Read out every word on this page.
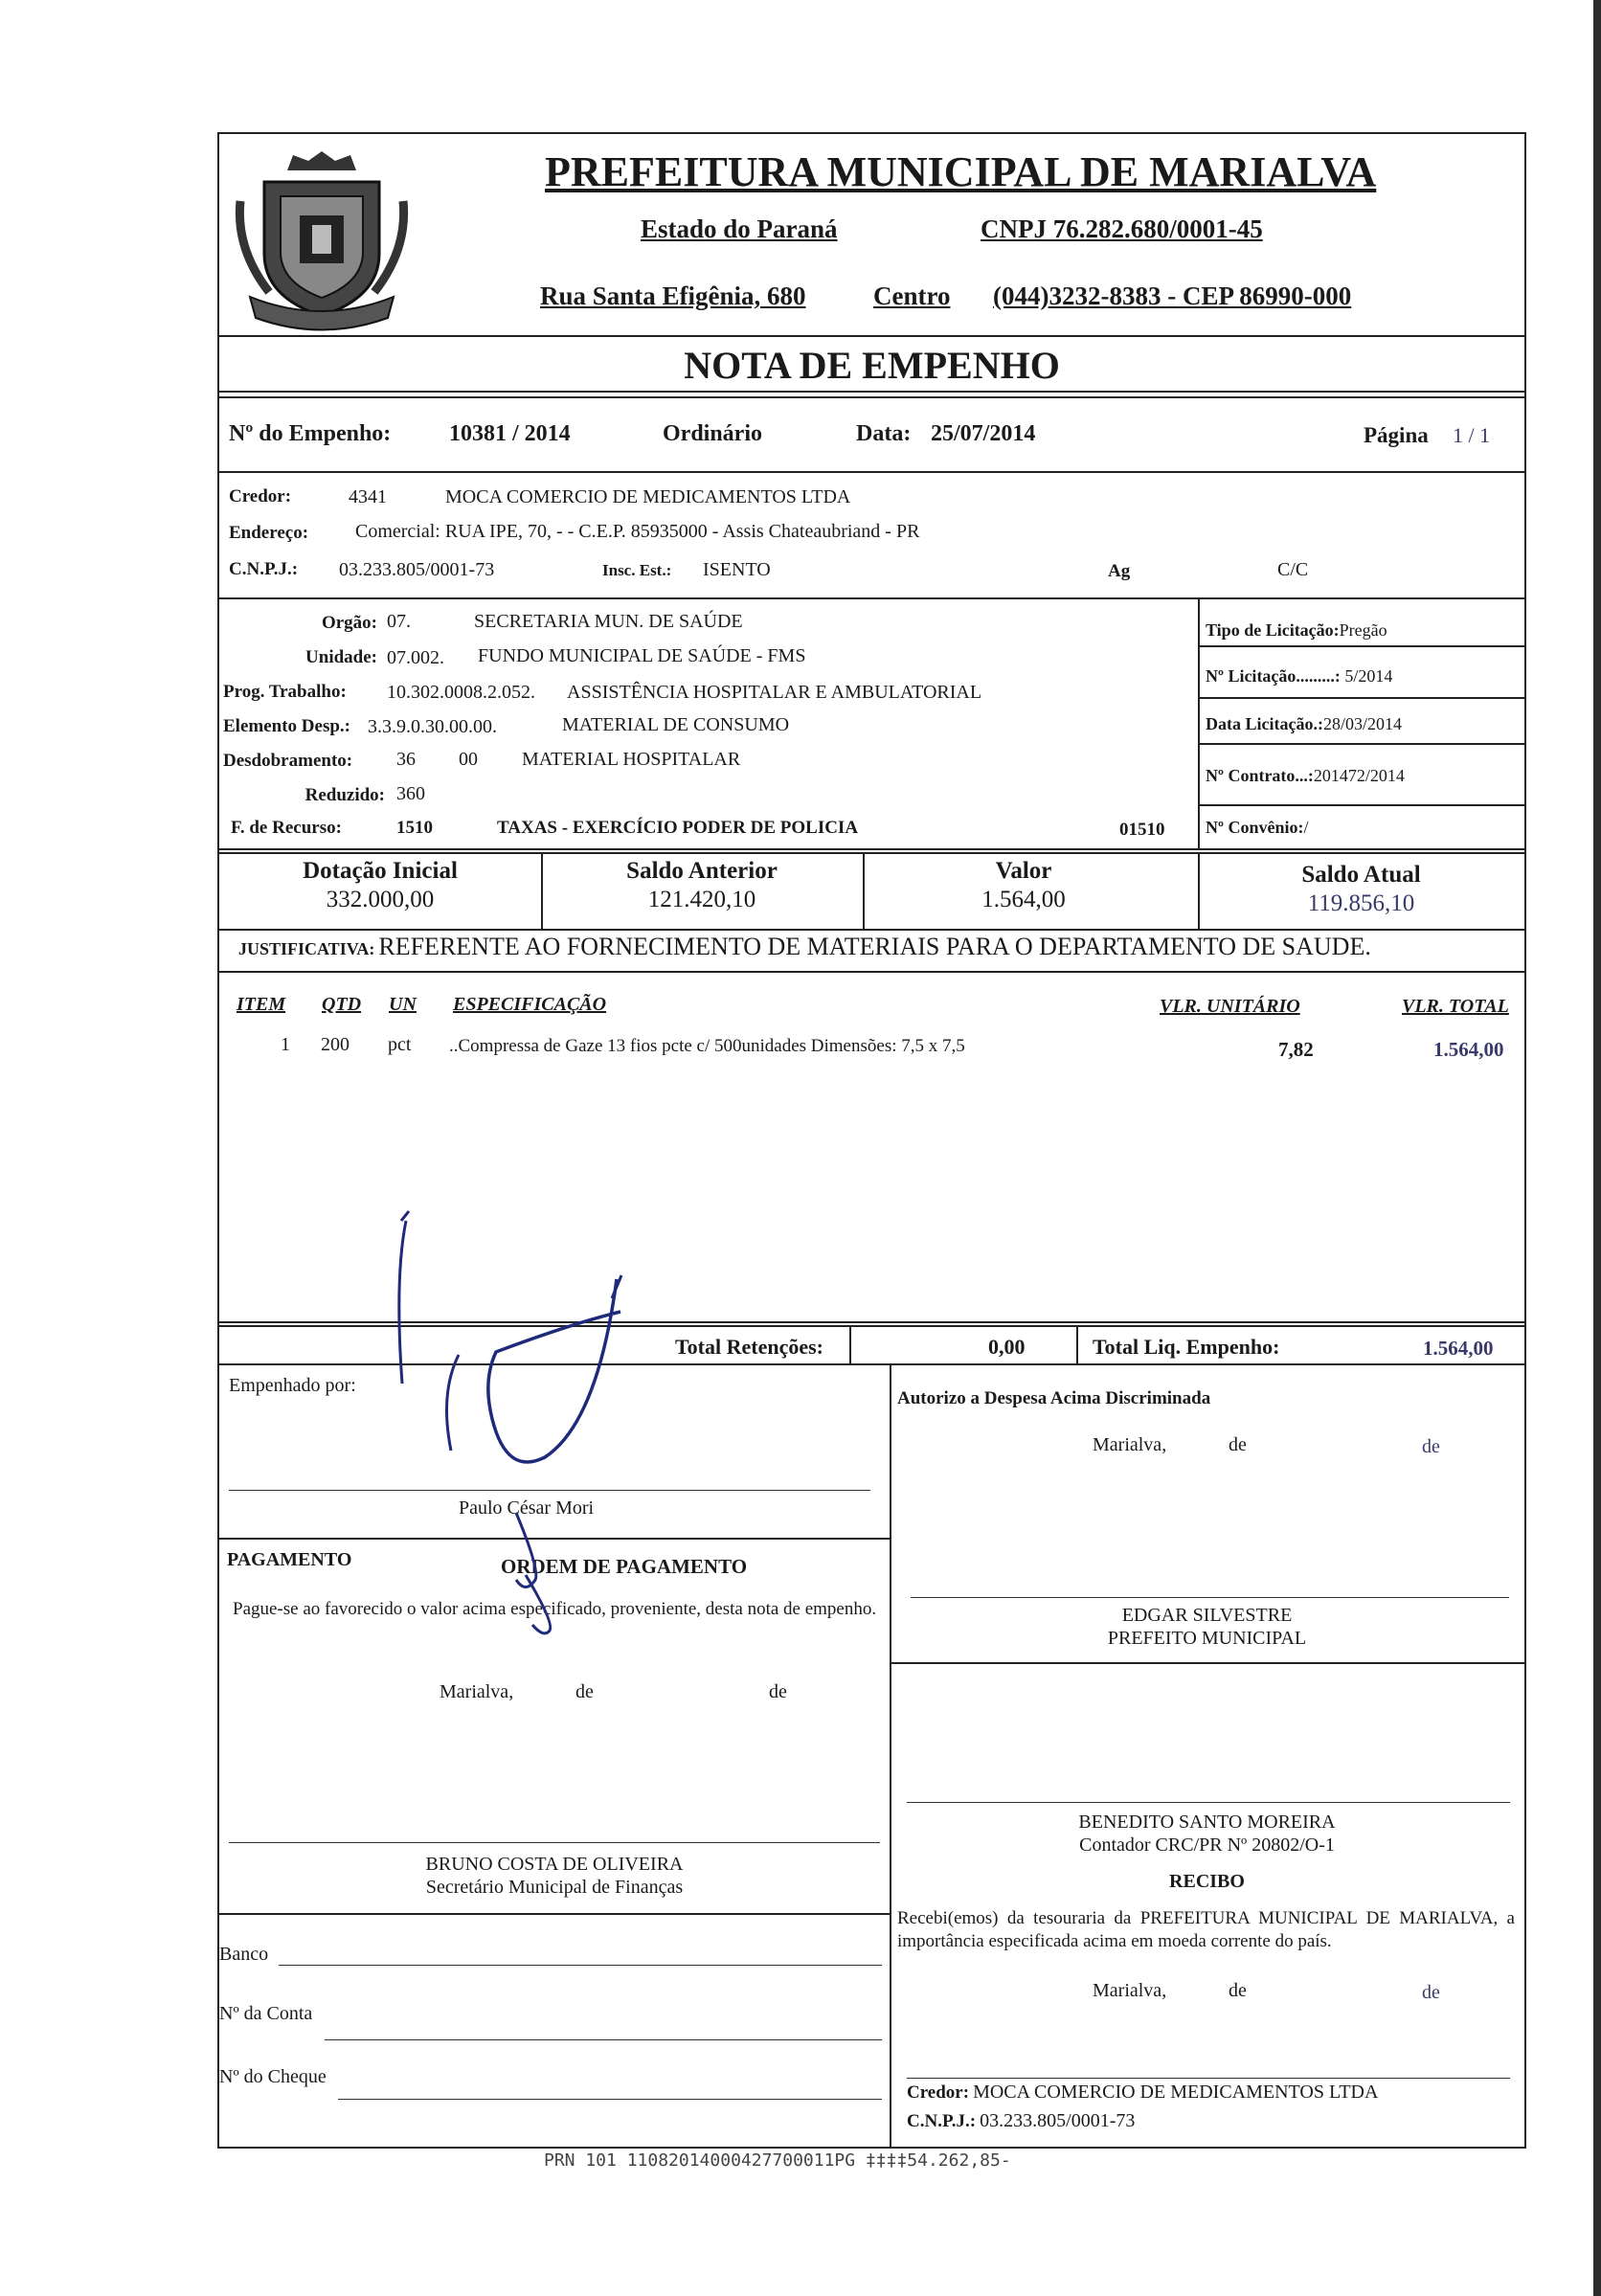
PREFEITURA MUNICIPAL DE MARIALVA
Estado do Paraná	CNPJ 76.282.680/0001-45
Rua Santa Efigênia, 680	Centro (044)3232-8383 - CEP 86990-000
NOTA DE EMPENHO
Nº do Empenho:	10381 / 2014	Ordinário	Data: 25/07/2014	Página 1 / 1
Credor:	4341	MOCA COMERCIO DE MEDICAMENTOS LTDA
Endereço: Comercial: RUA IPE, 70, - - C.E.P. 85935000 - Assis Chateaubriand - PR
C.N.P.J.: 03.233.805/0001-73	Insc. Est.: ISENTO	Ag	C/C
Orgão: 07.	SECRETARIA MUN. DE SAÚDE
Unidade: 07.002. FUNDO MUNICIPAL DE SAÚDE - FMS
Prog. Trabalho: 10.302.0008.2.052. ASSISTÊNCIA HOSPITALAR E AMBULATORIAL
Elemento Desp.: 3.3.9.0.30.00.00.	MATERIAL DE CONSUMO
Desdobramento: 36 00 MATERIAL HOSPITALAR
Reduzido: 360
F. de Recurso:	1510	TAXAS - EXERCÍCIO PODER DE POLICIA	01510
Tipo de Licitação:Pregão
Nº Licitação.........: 5/2014
Data Licitação.:28/03/2014
Nº Contrato...:201472/2014
Nº Convênio:/
Dotação Inicial
332.000,00
Saldo Anterior
121.420,10
Valor
1.564,00
Saldo Atual
119.856,10
JUSTIFICATIVA: REFERENTE AO FORNECIMENTO DE MATERIAIS PARA O DEPARTAMENTO DE SAUDE.
ITEM QTD UN ESPECIFICAÇÃO	VLR. UNITÁRIO	VLR. TOTAL
1 200 pct ..Compressa de Gaze 13 fios pcte c/ 500unidades Dimensões: 7,5 x 7,5	7,82	1.564,00
Total Retenções:	0,00	Total Liq. Empenho:	1.564,00
Empenhado por:
Paulo César Mori
Autorizo a Despesa Acima Discriminada
Marialva,	de	de
EDGAR SILVESTRE
PREFEITO MUNICIPAL
PAGAMENTO	ORDEM DE PAGAMENTO
Pague-se ao favorecido o valor acima especificado, proveniente, desta nota de empenho.
Marialva,	de	de
BRUNO COSTA DE OLIVEIRA
Secretário Municipal de Finanças
BENEDITO SANTO MOREIRA
Contador CRC/PR Nº 20802/O-1
RECIBO
Recebi(emos) da tesouraria da PREFEITURA MUNICIPAL DE MARIALVA, a importância especificada acima em moeda corrente do país.
Marialva,	de	de
Credor: MOCA COMERCIO DE MEDICAMENTOS LTDA
C.N.P.J.: 03.233.805/0001-73
Banco
Nº da Conta
Nº do Cheque
PRN 101 11082014000427700011PG ‡‡‡‡54.262,85-
